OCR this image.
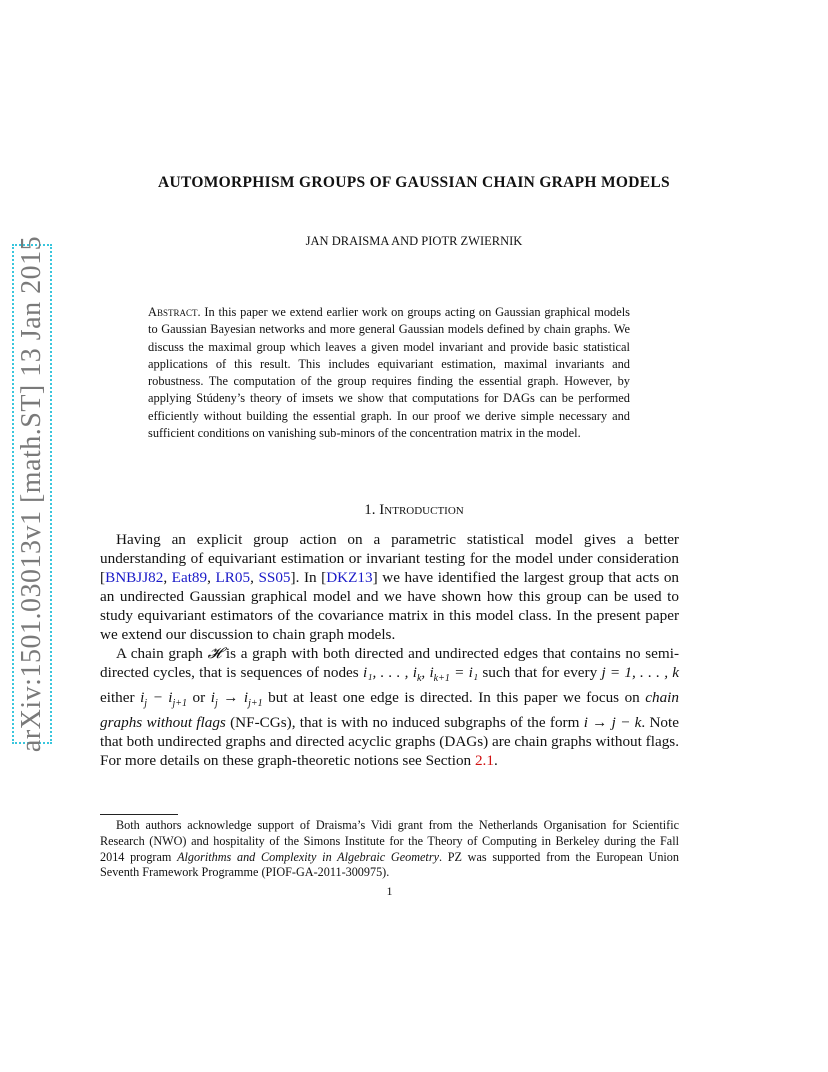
arXiv:1501.03013v1 [math.ST] 13 Jan 2015
AUTOMORPHISM GROUPS OF GAUSSIAN CHAIN GRAPH MODELS
JAN DRAISMA AND PIOTR ZWIERNIK
Abstract. In this paper we extend earlier work on groups acting on Gaussian graphical models to Gaussian Bayesian networks and more general Gaussian models defined by chain graphs. We discuss the maximal group which leaves a given model invariant and provide basic statistical applications of this result. This includes equivariant estimation, maximal invariants and robustness. The computation of the group requires finding the essential graph. However, by applying Stúdeny’s theory of imsets we show that computations for DAGs can be performed efficiently without building the essential graph. In our proof we derive simple necessary and sufficient conditions on vanishing sub-minors of the concentration matrix in the model.
1. Introduction

Having an explicit group action on a parametric statistical model gives a better understanding of equivariant estimation or invariant testing for the model under consideration [BNBJJ82, Eat89, LR05, SS05]. In [DKZ13] we have identified the largest group that acts on an undirected Gaussian graphical model and we have shown how this group can be used to study equivariant estimators of the covariance matrix in this model class. In the present paper we extend our discussion to chain graph models.

A chain graph 𝓗 is a graph with both directed and undirected edges that contains no semi-directed cycles, that is sequences of nodes i₁, . . . , $i_k$, $i_{k+1} = i_1$ such that for every j = 1, . . . , k either $i_j - i_{j+1}$ or $i_j \to i_{j+1}$ but at least one edge is directed. In this paper we focus on chain graphs without flags (NF-CGs), that is with no induced subgraphs of the form i → j − k. Note that both undirected graphs and directed acyclic graphs (DAGs) are chain graphs without flags. For more details on these graph-theoretic notions see Section 2.1.

Both authors acknowledge support of Draisma’s Vidi grant from the Netherlands Organisation for Scientific Research (NWO) and hospitality of the Simons Institute for the Theory of Computing in Berkeley during the Fall 2014 program Algorithms and Complexity in Algebraic Geometry. PZ was supported from the European Union Seventh Framework Programme (PIOF-GA-2011-300975).
1
